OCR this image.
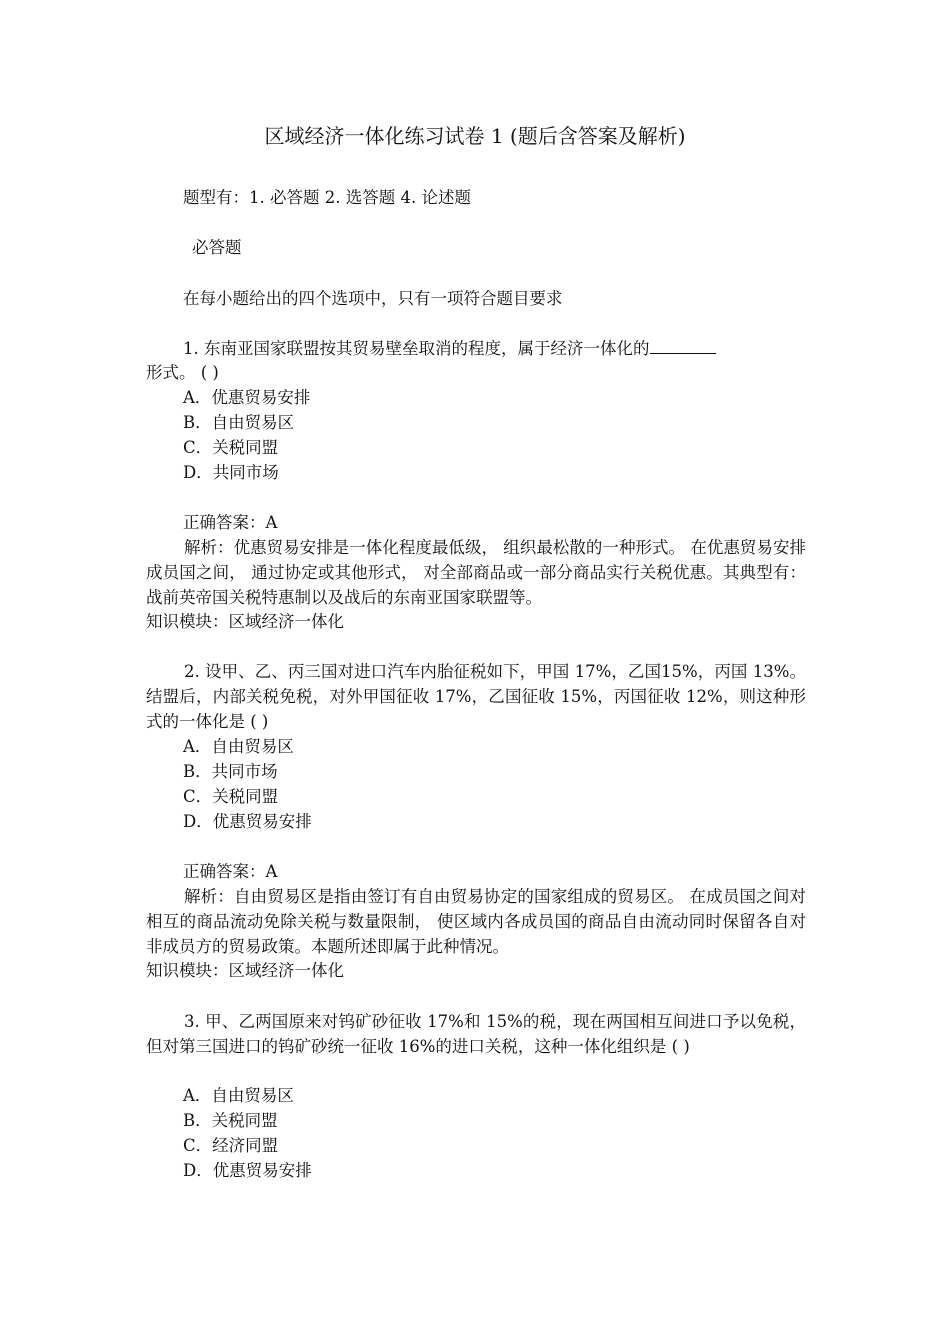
区域经济一体化练习试卷 1 (题后含答案及解析)
题型有：1. 必答题 2. 选答题 4. 论述题
必答题
在每小题给出的四个选项中，只有一项符合题目要求
1. 东南亚国家联盟按其贸易壁垒取消的程度，属于经济一体化的
形式。 ( )
A．优惠贸易安排
B．自由贸易区
C．关税同盟
D．共同市场
正确答案：A
解析：优惠贸易安排是一体化程度最低级， 组织最松散的一种形式。 在优惠贸易安排成员国之间， 通过协定或其他形式， 对全部商品或一部分商品实行关税优惠。其典型有：战前英帝国关税特惠制以及战后的东南亚国家联盟等。
知识模块：区域经济一体化
2. 设甲、乙、丙三国对进口汽车内胎征税如下，甲国 17%，乙国15%，丙国 13%。结盟后，内部关税免税，对外甲国征收 17%，乙国征收 15%，丙国征收 12%，则这种形式的一体化是 ( )
A．自由贸易区
B．共同市场
C．关税同盟
D．优惠贸易安排
正确答案：A
解析：自由贸易区是指由签订有自由贸易协定的国家组成的贸易区。 在成员国之间对相互的商品流动免除关税与数量限制， 使区域内各成员国的商品自由流动同时保留各自对非成员方的贸易政策。本题所述即属于此种情况。
知识模块：区域经济一体化
3. 甲、乙两国原来对钨矿砂征收 17%和 15%的税，现在两国相互间进口予以免税，但对第三国进口的钨矿砂统一征收 16%的进口关税，这种一体化组织是 ( )
A．自由贸易区
B．关税同盟
C．经济同盟
D．优惠贸易安排
